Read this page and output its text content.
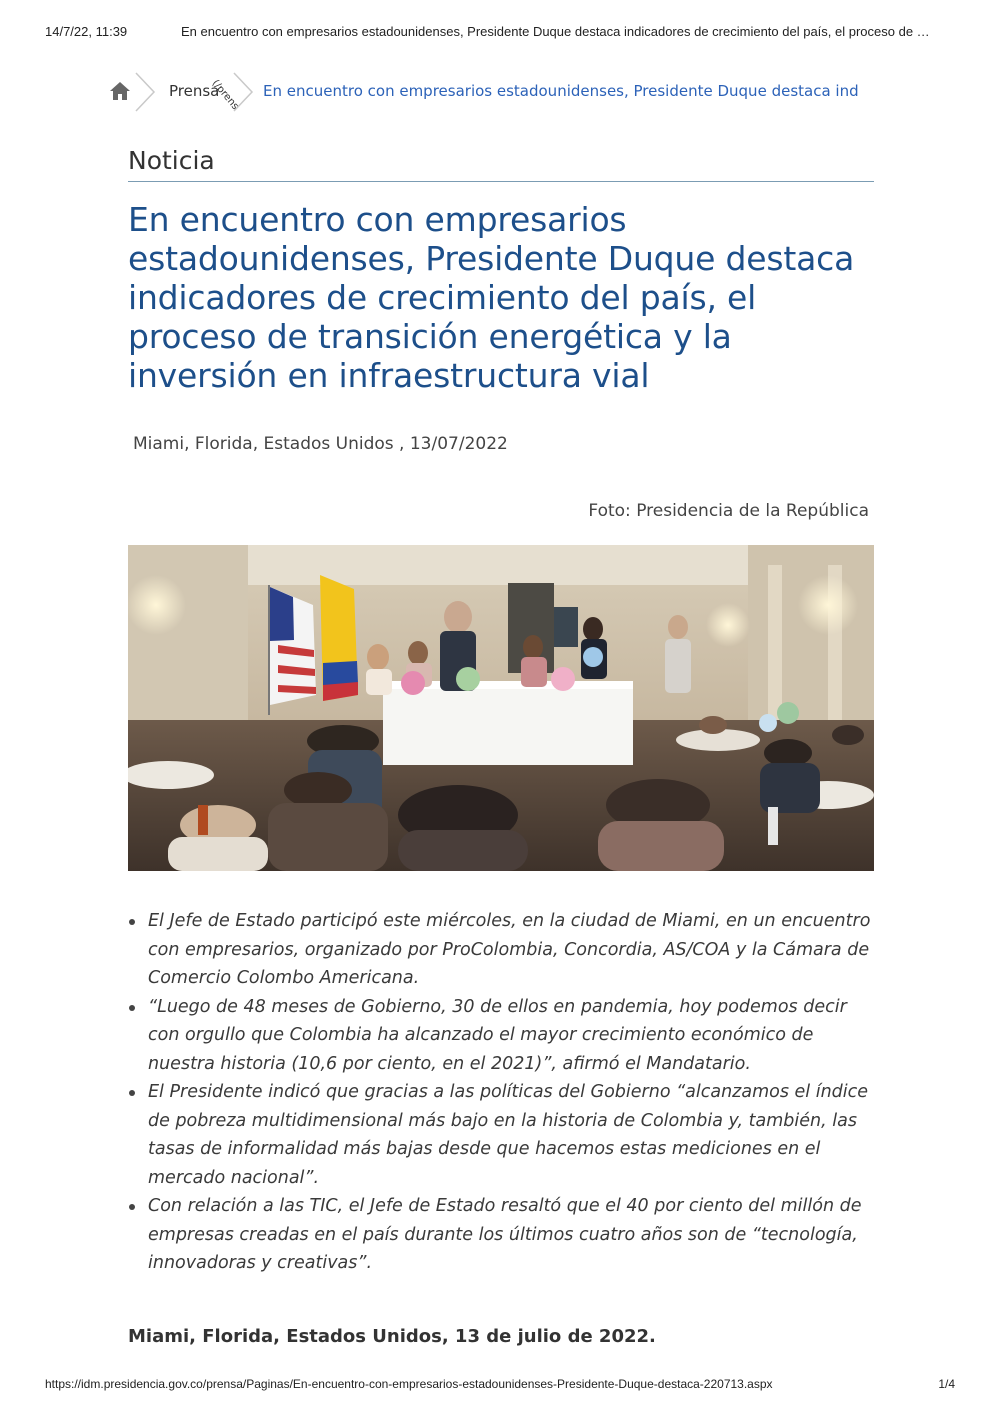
14/7/22, 11:39	En encuentro con empresarios estadounidenses, Presidente Duque destaca indicadores de crecimiento del país, el proceso de …
Prensa
(/prens En encuentro con empresarios estadounidenses, Presidente Duque destaca ind
Noticia
En encuentro con empresarios estadounidenses, Presidente Duque destaca indicadores de crecimiento del país, el proceso de transición energética y la inversión en infraestructura vial
Miami, Florida, Estados Unidos , 13/07/2022
Foto: Presidencia de la República
El Jefe de Estado participó este miércoles, en la ciudad de Miami, en un encuentro con empresarios, organizado por ProColombia, Concordia, AS/COA y la Cámara de Comercio Colombo Americana.
“Luego de 48 meses de Gobierno, 30 de ellos en pandemia, hoy podemos decir con orgullo que Colombia ha alcanzado el mayor crecimiento económico de nuestra historia (10,6 por ciento, en el 2021)”, afirmó el Mandatario.
El Presidente indicó que gracias a las políticas del Gobierno “alcanzamos el índice de pobreza multidimensional más bajo en la historia de Colombia y, también, las tasas de informalidad más bajas desde que hacemos estas mediciones en el mercado nacional”.
Con relación a las TIC, el Jefe de Estado resaltó que el 40 por ciento del millón de empresas creadas en el país durante los últimos cuatro años son de “tecnología, innovadoras y creativas”.
Miami, Florida, Estados Unidos, 13 de julio de 2022.
https://idm.presidencia.gov.co/prensa/Paginas/En-encuentro-con-empresarios-estadounidenses-Presidente-Duque-destaca-220713.aspx	1/4
